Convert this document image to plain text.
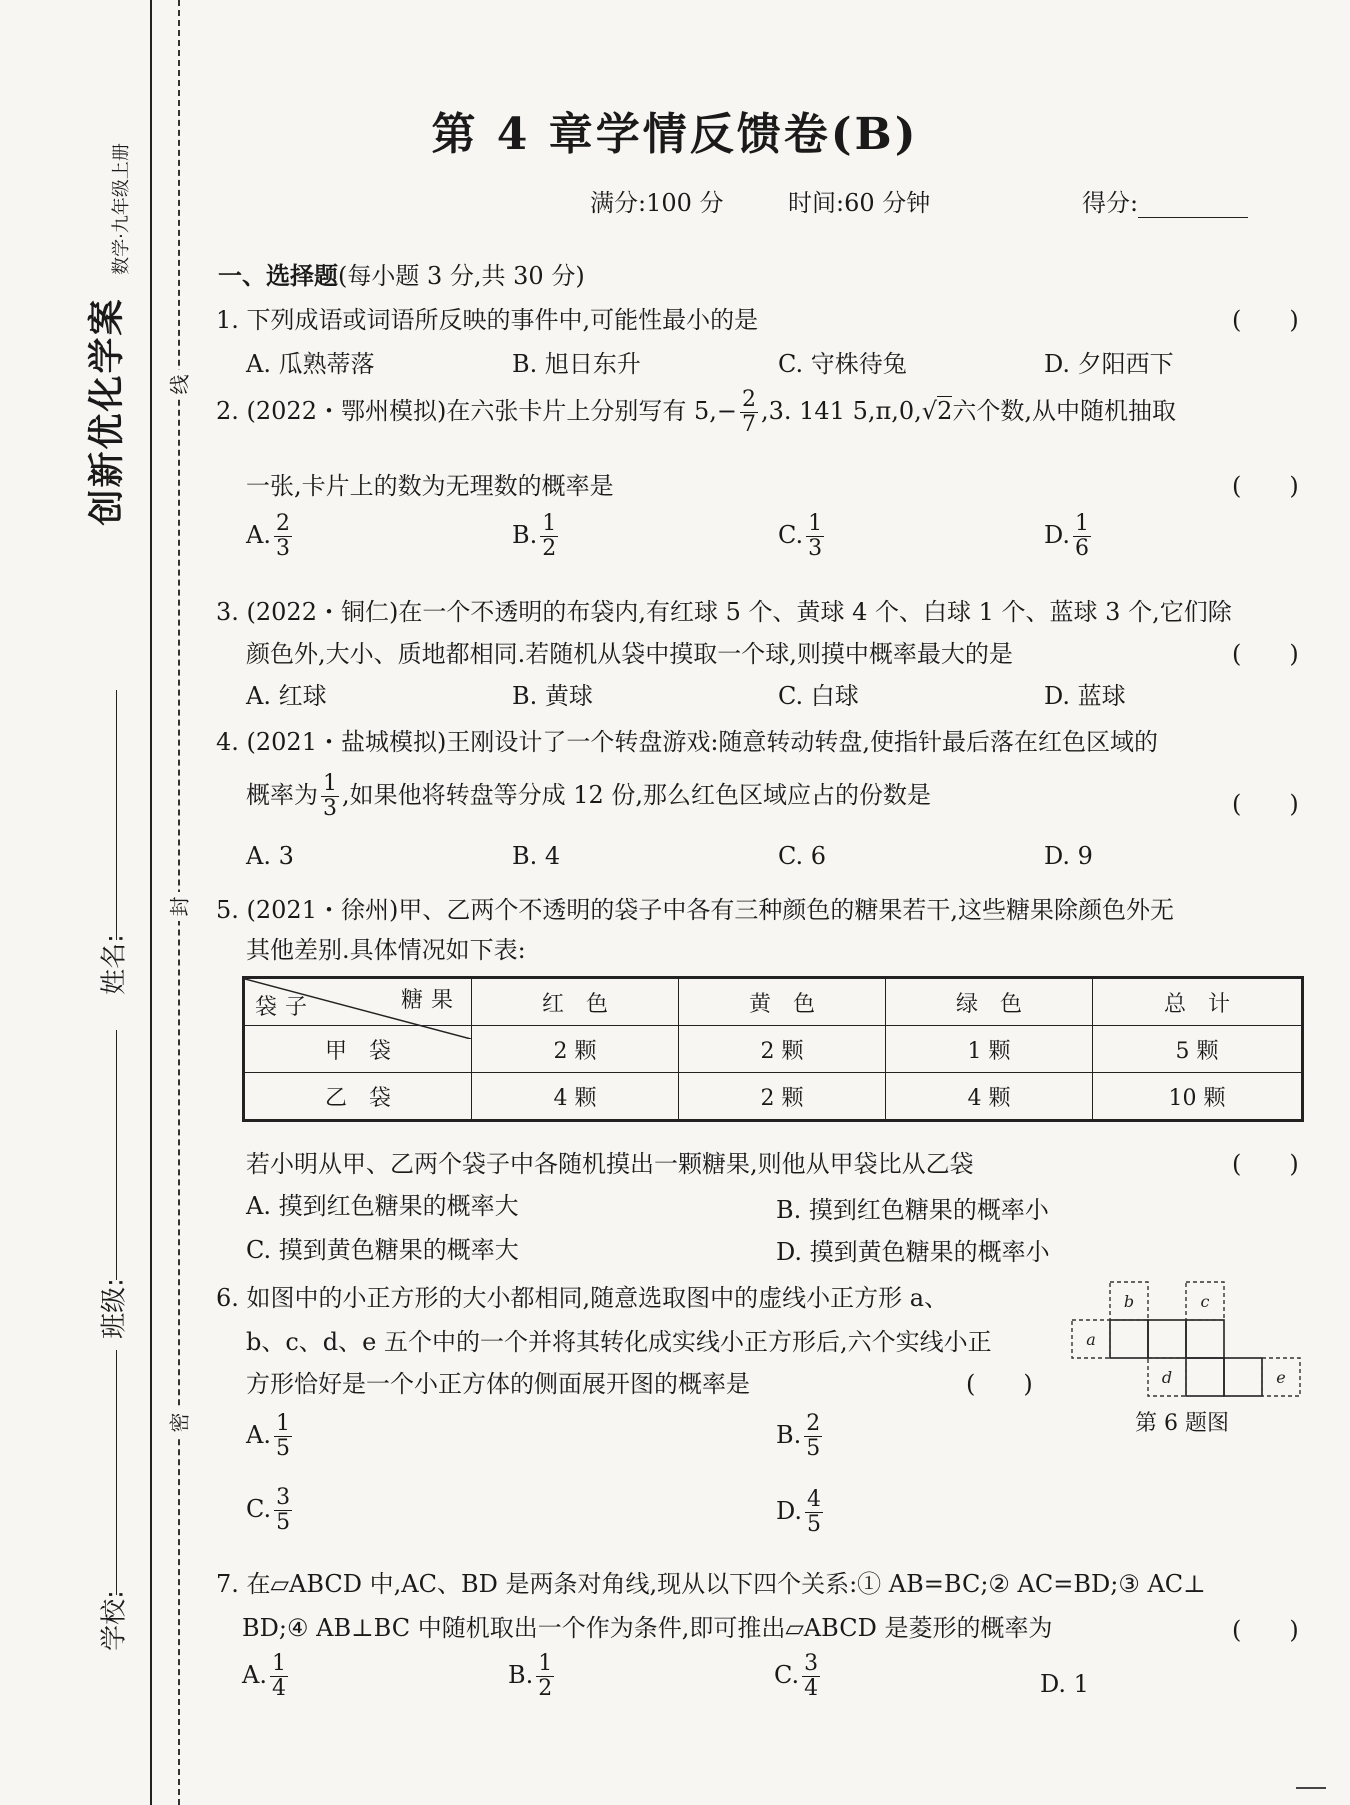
创新优化学案
数学·九年级上册
姓名:
班级:
学校:
线
封
密
第 4 章学情反馈卷(B)
满分:100 分	时间:60 分钟	得分:
一、选择题(每小题 3 分,共 30 分)
1. 下列成语或词语所反映的事件中,可能性最小的是	(　　)
A. 瓜熟蒂落	B. 旭日东升	C. 守株待兔	D. 夕阳西下
2. (2022・鄂州模拟)在六张卡片上分别写有 $5,- \frac{2}{7} ,3$. 141 5,π,0,√2六个数,从中随机抽取
一张,卡片上的数为无理数的概率是	(　　)
A. $\frac{2}{3}$	B. $\frac{1}{2}$	C. $\frac{1}{3}$	D. $\frac{1}{6}$
3. (2022・铜仁)在一个不透明的布袋内,有红球 5 个、黄球 4 个、白球 1 个、蓝球 3 个,它们除
颜色外,大小、质地都相同.若随机从袋中摸取一个球,则摸中概率最大的是	(　　)
A. 红球	B. 黄球	C. 白球	D. 蓝球
4. (2021・盐城模拟)王刚设计了一个转盘游戏:随意转动转盘,使指针最后落在红色区域的
概率为 $\frac{1}{3}$ ,如果他将转盘等分成 12 份,那么红色区域应占的份数是	(　　)
A. 3	B. 4	C. 6	D. 9
5. (2021・徐州)甲、乙两个不透明的袋子中各有三种颜色的糖果若干,这些糖果除颜色外无
其他差别.具体情况如下表:
糖果
袋子	红　色	黄　色	绿　色	总　计
甲　袋	2 颗	2 颗	1 颗	5 颗
乙　袋	4 颗	2 颗	4 颗	10 颗
若小明从甲、乙两个袋子中各随机摸出一颗糖果,则他从甲袋比从乙袋	(　　)
A. 摸到红色糖果的概率大	B. 摸到红色糖果的概率小
C. 摸到黄色糖果的概率大	D. 摸到黄色糖果的概率小
6. 如图中的小正方形的大小都相同,随意选取图中的虚线小正方形 a、
b、c、d、e 五个中的一个并将其转化成实线小正方形后,六个实线小正
方形恰好是一个小正方体的侧面展开图的概率是	(　　)
a
b	c
d	e
第 6 题图
A. $\frac{1}{5}$	B. $\frac{2}{5}$
C. $\frac{3}{5}$	D. $\frac{4}{5}$
7. 在▱ABCD 中,AC、BD 是两条对角线,现从以下四个关系:① AB=BC;② AC=BD;③ AC⊥
BD;④ AB⊥BC 中随机取出一个作为条件,即可推出▱ABCD 是菱形的概率为	(　　)
A. $\frac{1}{4}$	B. $\frac{1}{2}$	C. $\frac{3}{4}$	D. 1
